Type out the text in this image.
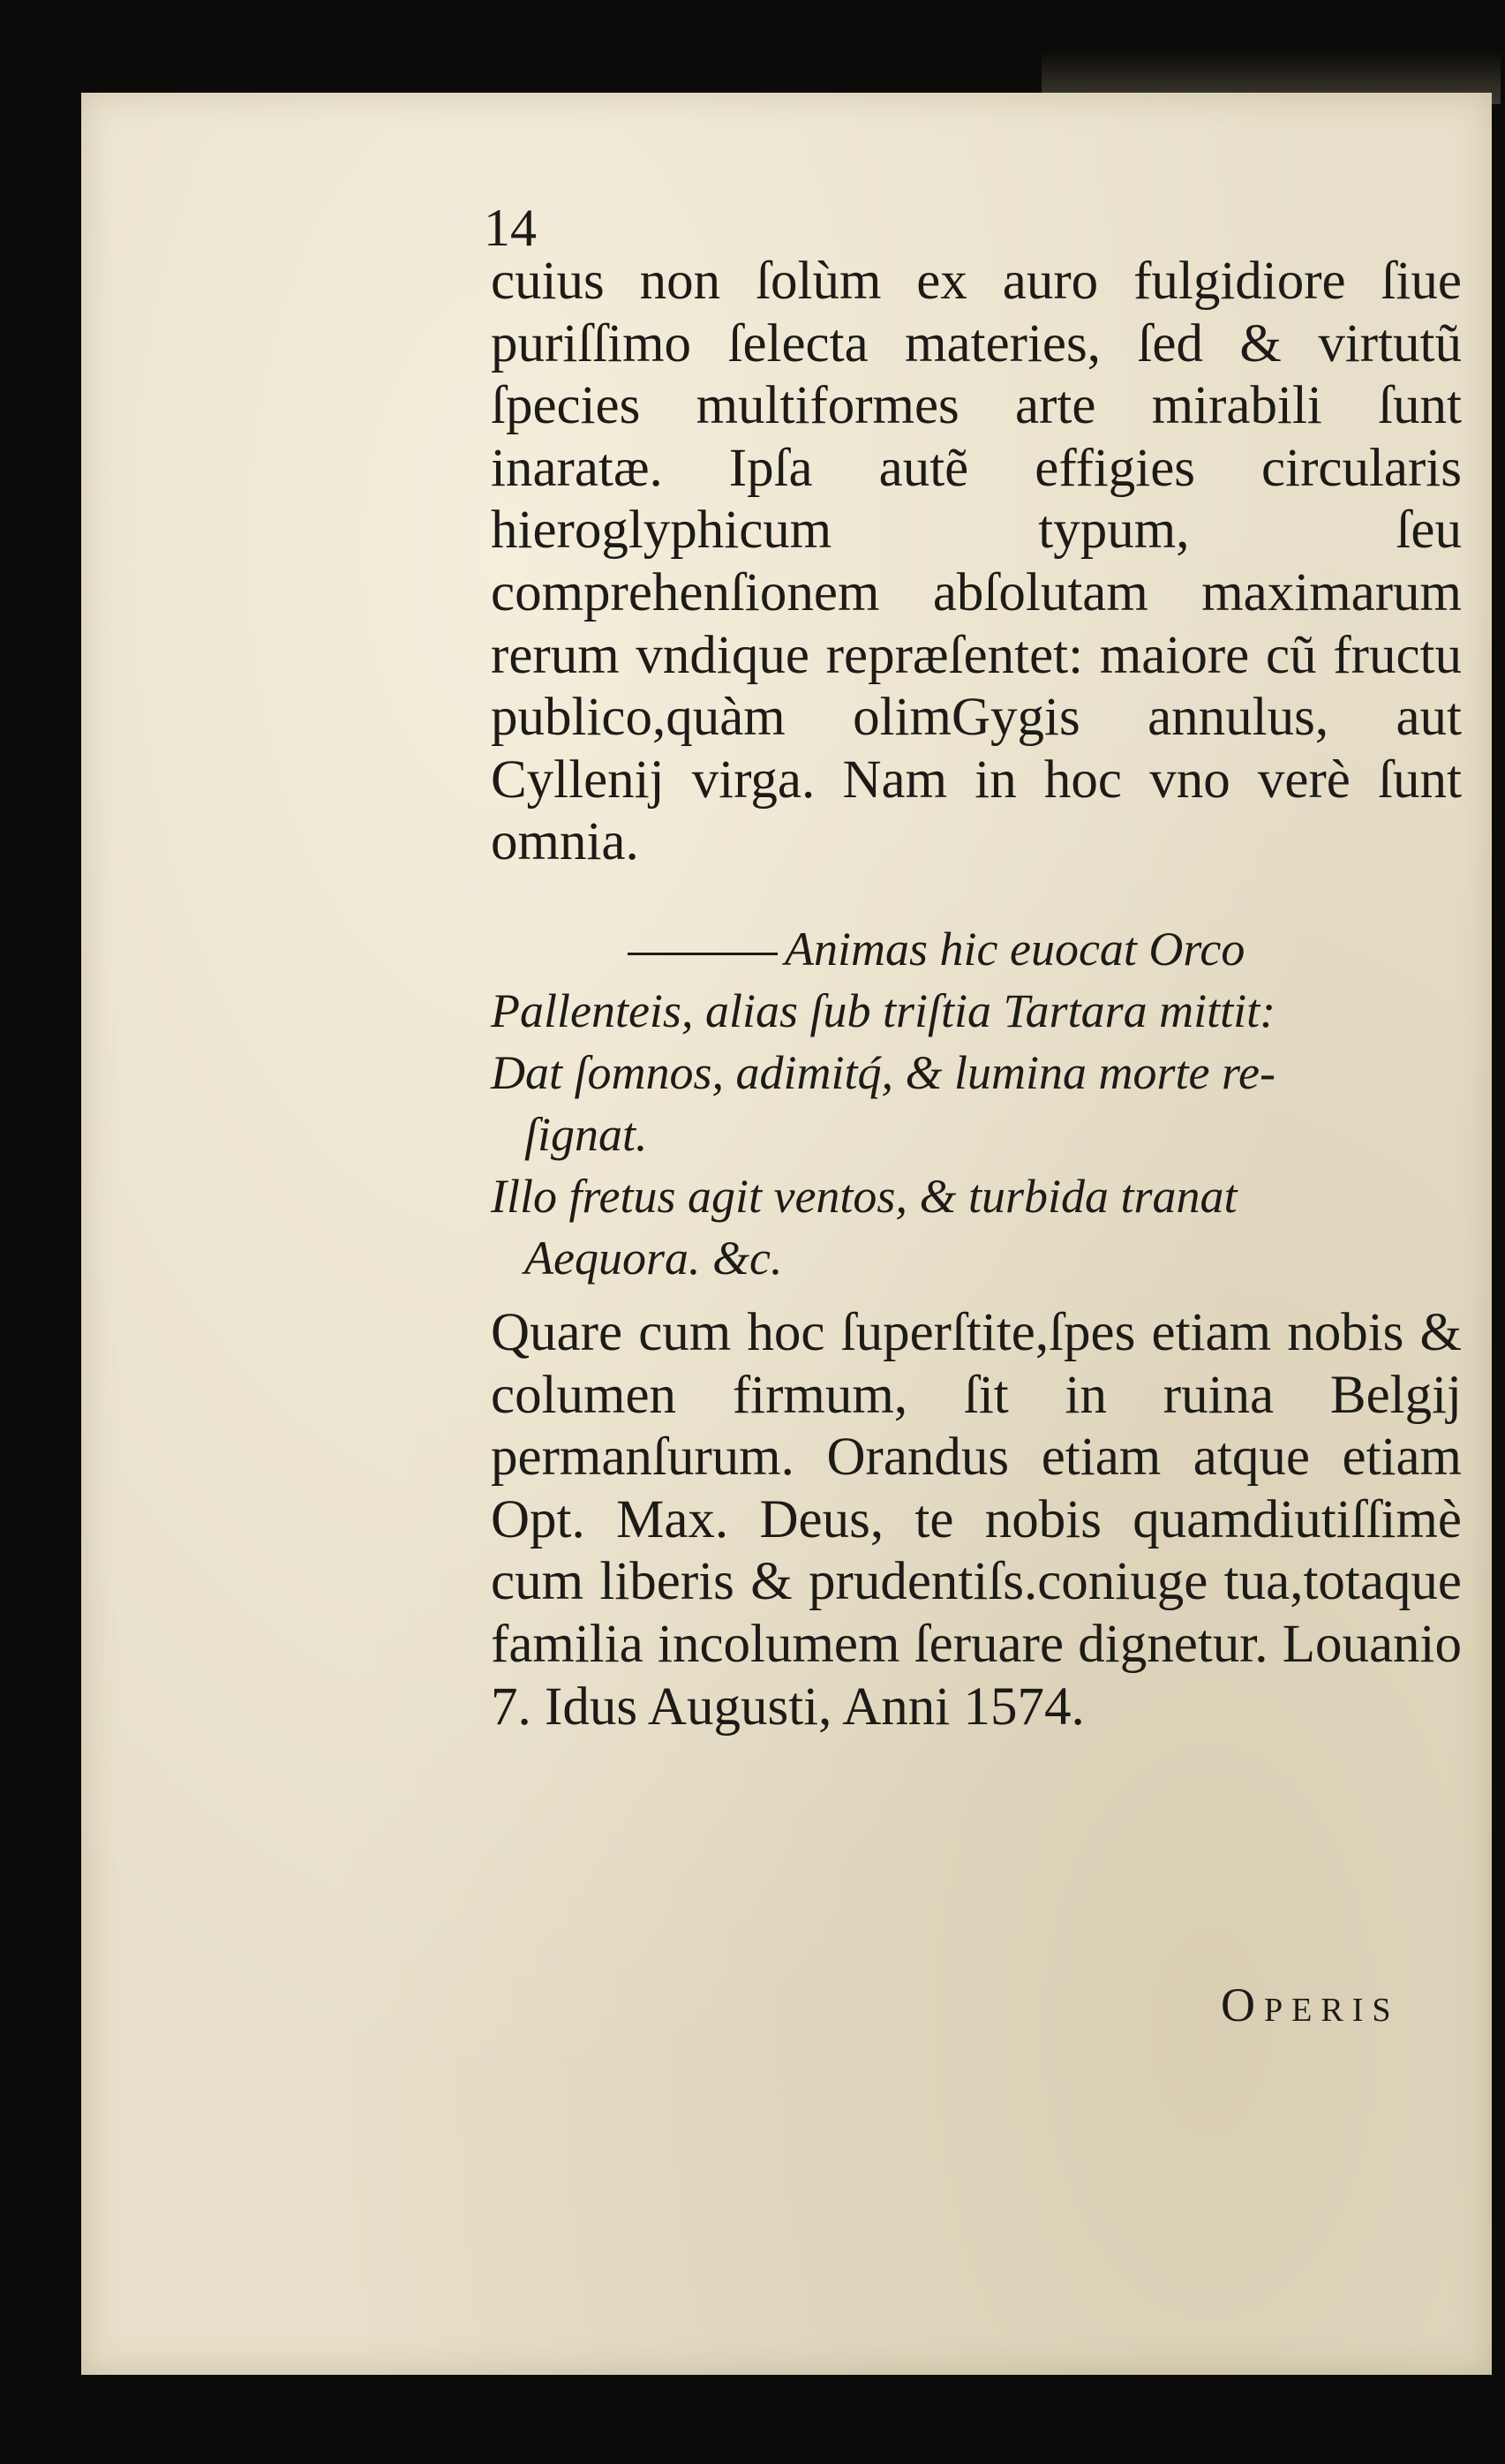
14

cuius non ſolùm ex auro fulgidiore ſiue puriſſimo ſelecta materies, ſed & virtutũ ſpecies multiformes arte mirabili ſunt inaratæ. Ipſa autẽ effigies circularis hieroglyphicum typum, ſeu comprehenſionem abſolutam maximarum rerum vndique repræſentet: maiore cũ fructu publico,quàm olimGygis annulus, aut Cyllenij virga. Nam in hoc vno verè ſunt omnia.

Animas hic euocat Orco
Pallenteis, alias ſub triſtia Tartara mittit:
Dat ſomnos, adimitq́, & lumina morte re-
ſignat.
Illo fretus agit ventos, & turbida tranat
Aequora. &c.

Quare cum hoc ſuperſtite,ſpes etiam nobis & columen firmum, ſit in ruina Belgij permanſurum. Orandus etiam atque etiam Opt. Max. Deus, te nobis quamdiutiſſimè cum liberis & prudentiſs.coniuge tua,totaque familia incolumem ſeruare dignetur. Louanio 7. Idus Augusti, Anni 1574.

Operis
